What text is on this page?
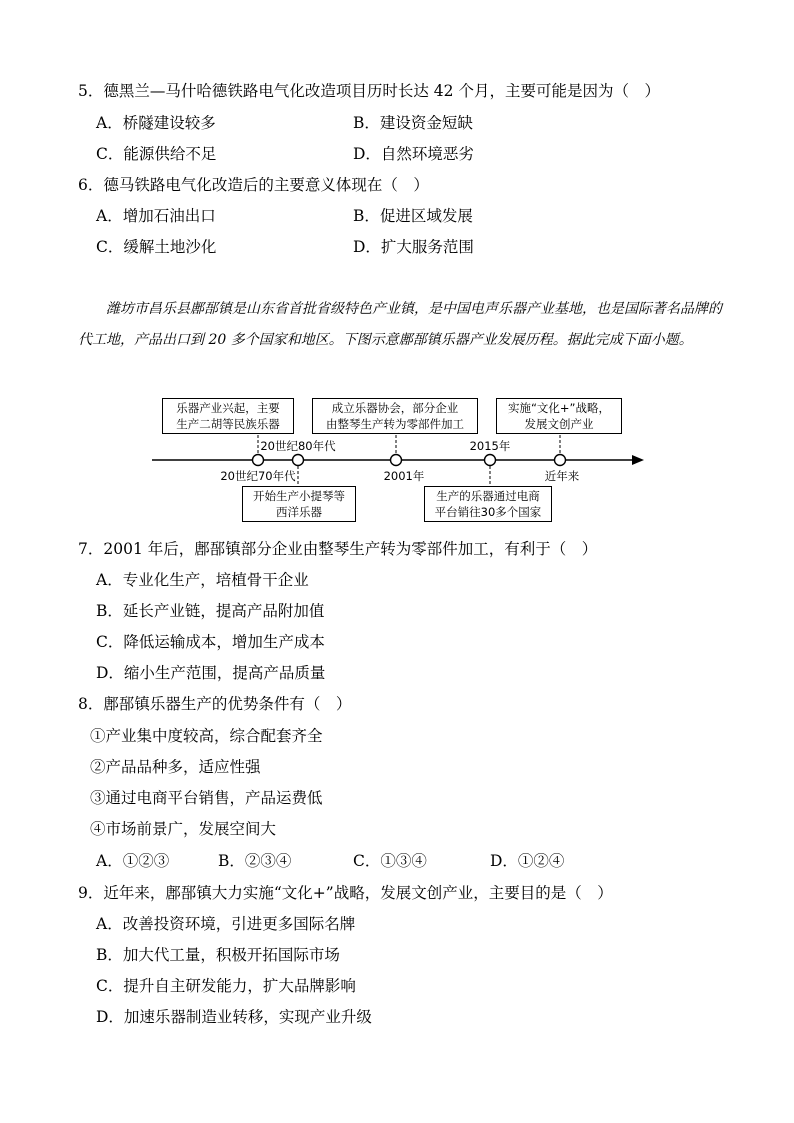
5．德黑兰—马什哈德铁路电气化改造项目历时长达 42 个月，主要可能是因为（　）
A．桥隧建设较多	B．建设资金短缺
C．能源供给不足	D．自然环境恶劣
6．德马铁路电气化改造后的主要意义体现在（　）
A．增加石油出口	B．促进区域发展
C．缓解土地沙化	D．扩大服务范围
潍坊市昌乐县鄌郚镇是山东省首批省级特色产业镇，是中国电声乐器产业基地，也是国际著名品牌的代工地，产品出口到 20 多个国家和地区。下图示意鄌郚镇乐器产业发展历程。据此完成下面小题。
20世纪70年代
20世纪80年代
2001年
2015年
近年来
乐器产业兴起，主要
生产二胡等民族乐器
成立乐器协会，部分企业
由整琴生产转为零部件加工
实施“文化+”战略，
发展文创产业
开始生产小提琴等
西洋乐器
生产的乐器通过电商
平台销往30多个国家
7．2001 年后，鄌郚镇部分企业由整琴生产转为零部件加工，有利于（　）
A．专业化生产，培植骨干企业
B．延长产业链，提高产品附加值
C．降低运输成本，增加生产成本
D．缩小生产范围，提高产品质量
8．鄌郚镇乐器生产的优势条件有（　）
①产业集中度较高，综合配套齐全
②产品品种多，适应性强
③通过电商平台销售，产品运费低
④市场前景广，发展空间大
A．①②③	B．②③④	C．①③④	D．①②④
9．近年来，鄌郚镇大力实施“文化+”战略，发展文创产业，主要目的是（　）
A．改善投资环境，引进更多国际名牌
B．加大代工量，积极开拓国际市场
C．提升自主研发能力，扩大品牌影响
D．加速乐器制造业转移，实现产业升级
